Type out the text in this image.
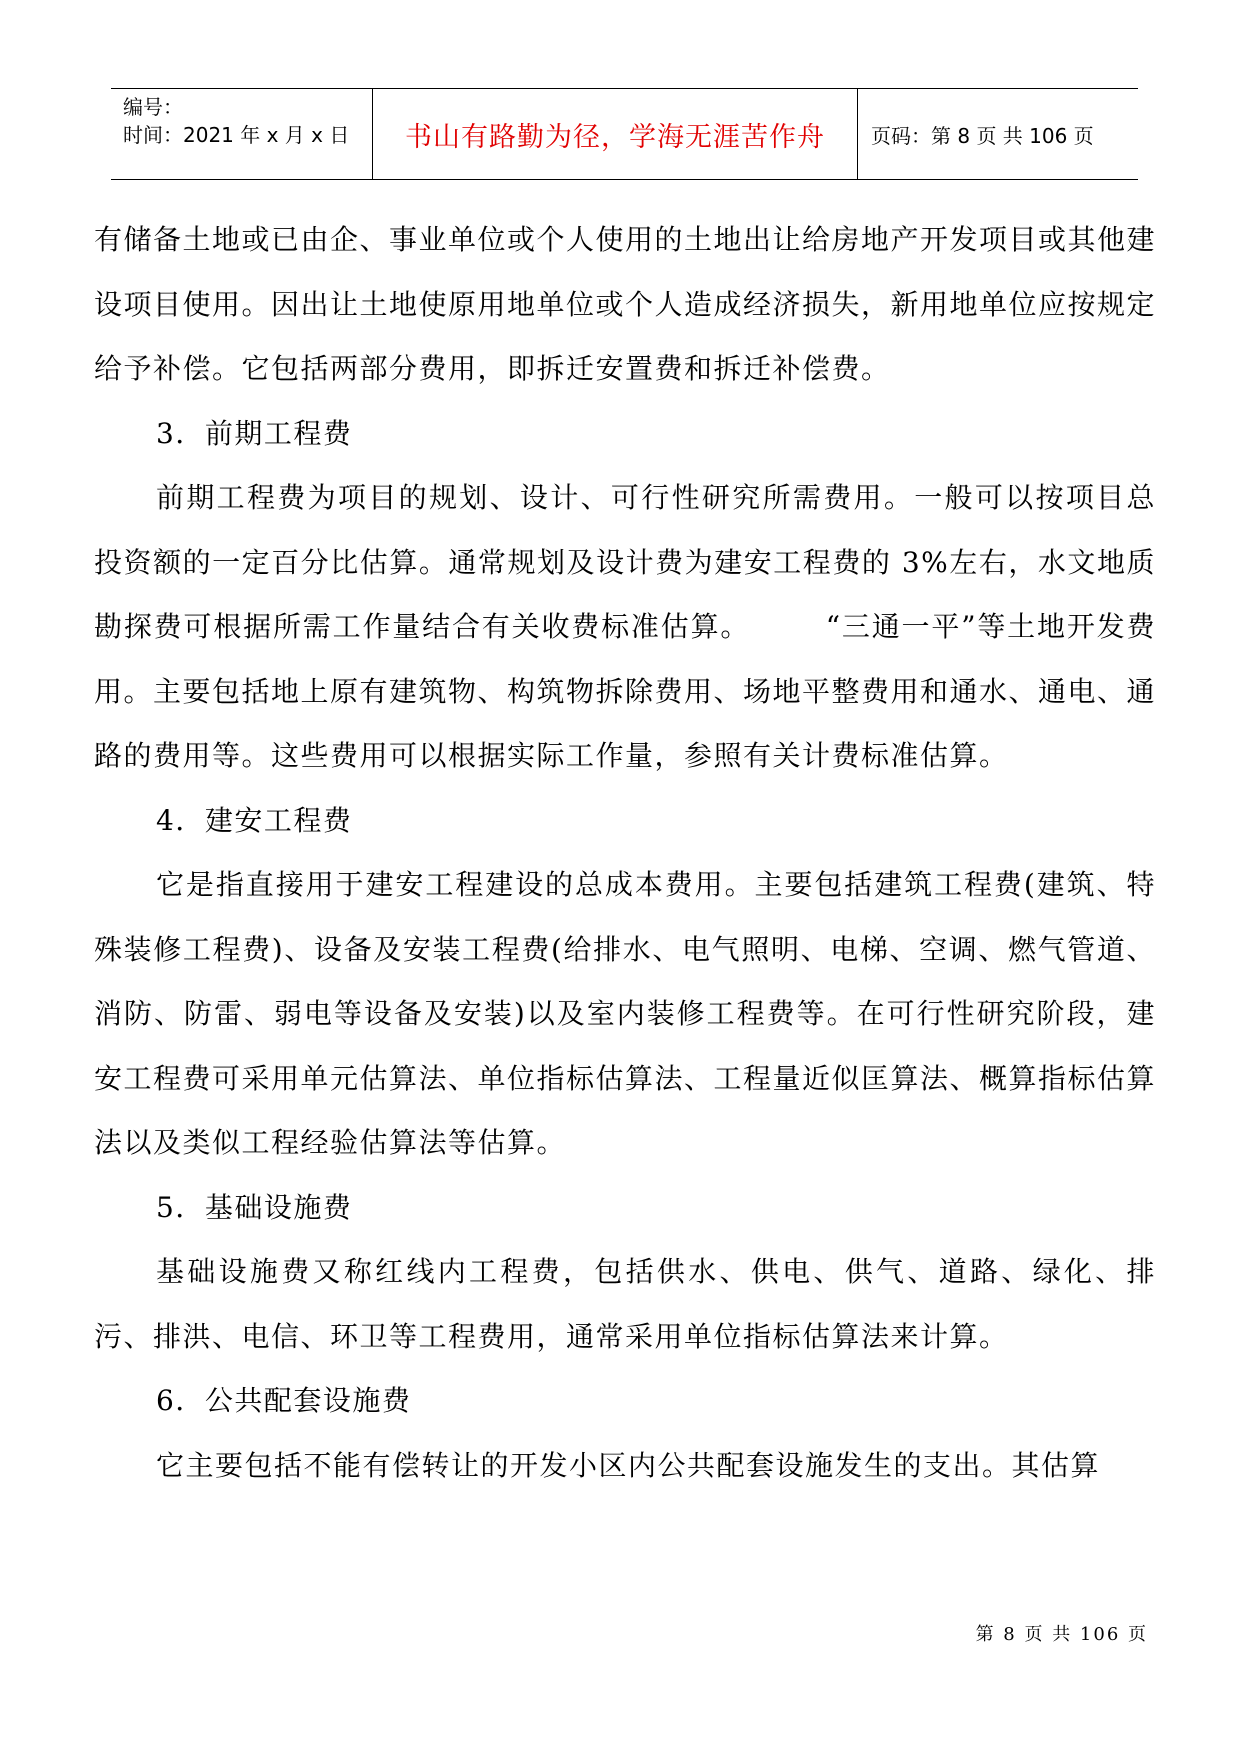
编号：
时间：2021 年 x 月 x 日	书山有路勤为径，学海无涯苦作舟	页码：第 8 页 共 106 页

有储备土地或已由企、事业单位或个人使用的土地出让给房地产开发项目或其他建设项目使用。因出让土地使原用地单位或个人造成经济损失，新用地单位应按规定给予补偿。它包括两部分费用，即拆迁安置费和拆迁补偿费。

3．前期工程费

前期工程费为项目的规划、设计、可行性研究所需费用。一般可以按项目总投资额的一定百分比估算。通常规划及设计费为建安工程费的 3%左右，水文地质勘探费可根据所需工作量结合有关收费标准估算。　　　“三通一平”等土地开发费用。主要包括地上原有建筑物、构筑物拆除费用、场地平整费用和通水、通电、通路的费用等。这些费用可以根据实际工作量，参照有关计费标准估算。

4．建安工程费

它是指直接用于建安工程建设的总成本费用。主要包括建筑工程费(建筑、特殊装修工程费)、设备及安装工程费(给排水、电气照明、电梯、空调、燃气管道、消防、防雷、弱电等设备及安装)以及室内装修工程费等。在可行性研究阶段，建安工程费可采用单元估算法、单位指标估算法、工程量近似匡算法、概算指标估算法以及类似工程经验估算法等估算。

5．基础设施费

基础设施费又称红线内工程费，包括供水、供电、供气、道路、绿化、排污、排洪、电信、环卫等工程费用，通常采用单位指标估算法来计算。

6．公共配套设施费

它主要包括不能有偿转让的开发小区内公共配套设施发生的支出。其估算

第 8 页 共 106 页
